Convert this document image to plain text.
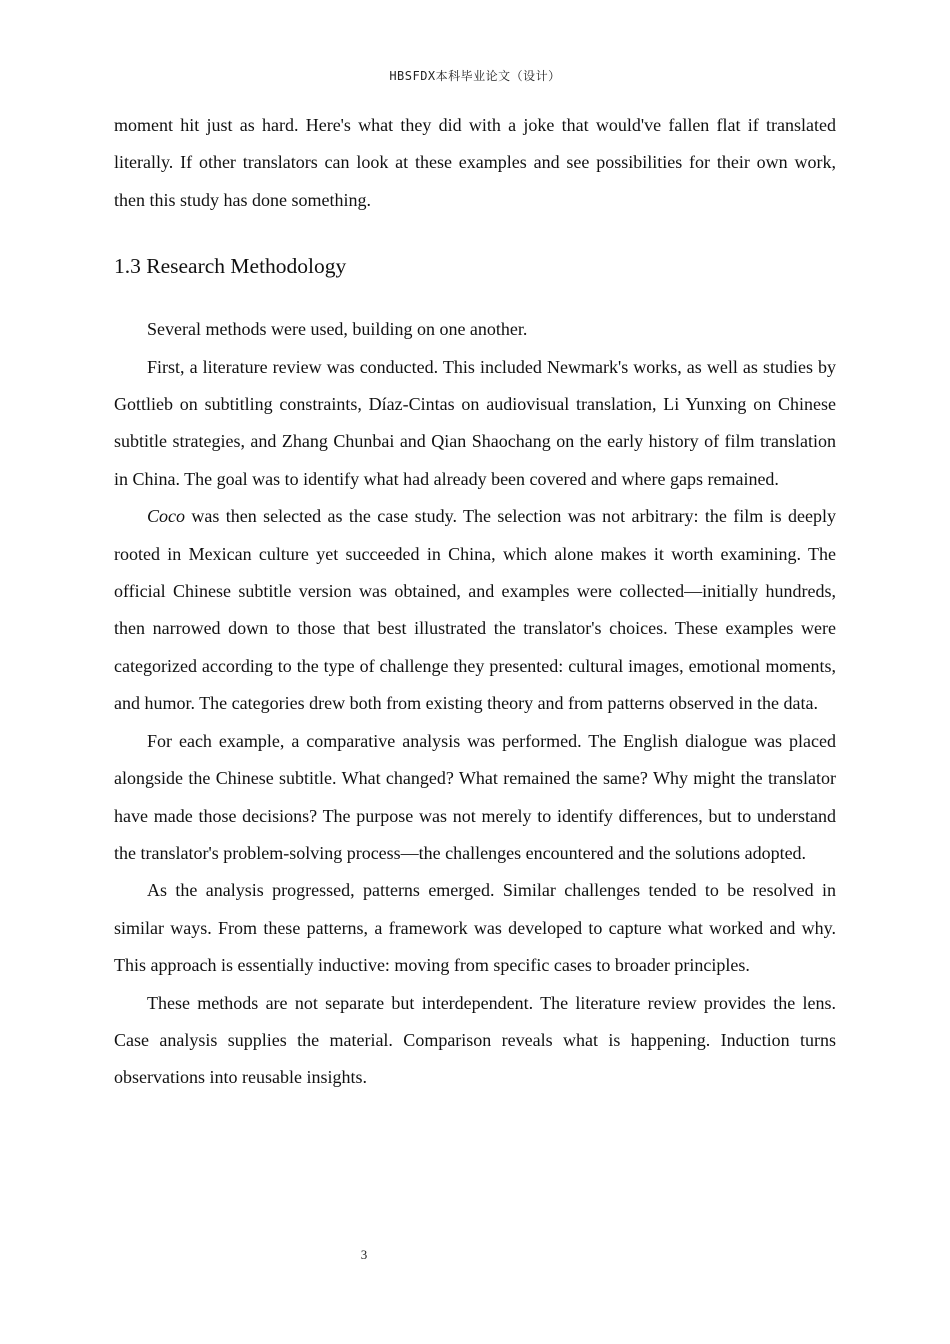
HBSFDX本科毕业论文（设计）

moment hit just as hard. Here's what they did with a joke that would've fallen flat if translated literally. If other translators can look at these examples and see possibilities for their own work, then this study has done something.

1.3 Research Methodology

Several methods were used, building on one another.

First, a literature review was conducted. This included Newmark's works, as well as studies by Gottlieb on subtitling constraints, Díaz-Cintas on audiovisual translation, Li Yunxing on Chinese subtitle strategies, and Zhang Chunbai and Qian Shaochang on the early history of film translation in China. The goal was to identify what had already been covered and where gaps remained.

Coco was then selected as the case study. The selection was not arbitrary: the film is deeply rooted in Mexican culture yet succeeded in China, which alone makes it worth examining. The official Chinese subtitle version was obtained, and examples were collected—initially hundreds, then narrowed down to those that best illustrated the translator's choices. These examples were categorized according to the type of challenge they presented: cultural images, emotional moments, and humor. The categories drew both from existing theory and from patterns observed in the data.

For each example, a comparative analysis was performed. The English dialogue was placed alongside the Chinese subtitle. What changed? What remained the same? Why might the translator have made those decisions? The purpose was not merely to identify differences, but to understand the translator's problem-solving process—the challenges encountered and the solutions adopted.

As the analysis progressed, patterns emerged. Similar challenges tended to be resolved in similar ways. From these patterns, a framework was developed to capture what worked and why. This approach is essentially inductive: moving from specific cases to broader principles.

These methods are not separate but interdependent. The literature review provides the lens. Case analysis supplies the material. Comparison reveals what is happening. Induction turns observations into reusable insights.

3
